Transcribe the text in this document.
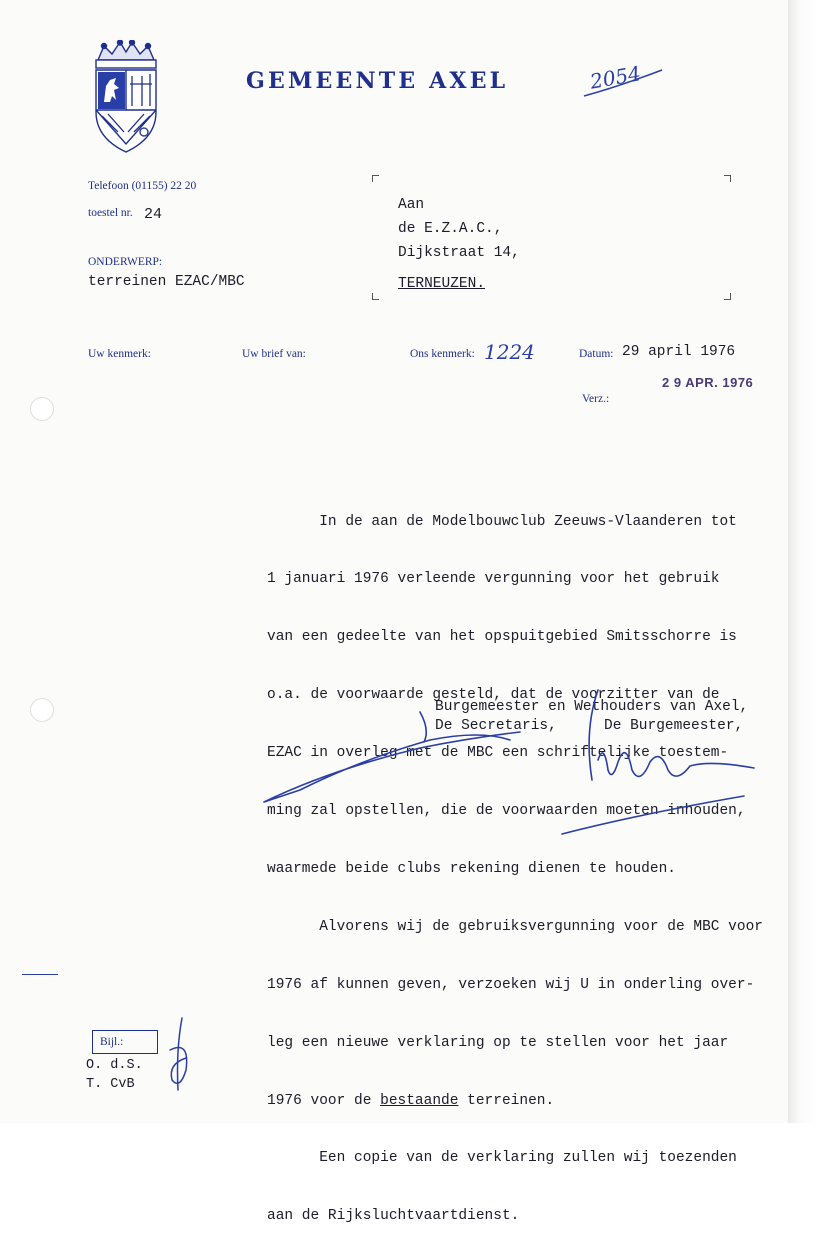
GEMEENTE AXEL	2054
Telefoon (01155) 22 20
toestel nr. 24
ONDERWERP:
terreinen EZAC/MBC
Aan
de E.Z.A.C.,
Dijkstraat 14,
TERNEUZEN.
Uw kenmerk:	Uw brief van:	Ons kenmerk: 1224	Datum: 29 april 1976
2 9 APR. 1976
Verz.:

In de aan de Modelbouwclub Zeeuws-Vlaanderen tot

1 januari 1976 verleende vergunning voor het gebruik

van een gedeelte van het opspuitgebied Smitsschorre is

o.a. de voorwaarde gesteld, dat de voorzitter van de

EZAC in overleg met de MBC een schriftelijke toestem-

ming zal opstellen, die de voorwaarden moeten inhouden,

waarmede beide clubs rekening dienen te houden.

Alvorens wij de gebruiksvergunning voor de MBC voor

1976 af kunnen geven, verzoeken wij U in onderling over-

leg een nieuwe verklaring op te stellen voor het jaar

1976 voor de bestaande terreinen.

Een copie van de verklaring zullen wij toezenden

aan de Rijksluchtvaartdienst.

Burgemeester en Wethouders van Axel,
De Secretaris,	De Burgemeester,
Bijl.:
O. d.S.
T. CvB
